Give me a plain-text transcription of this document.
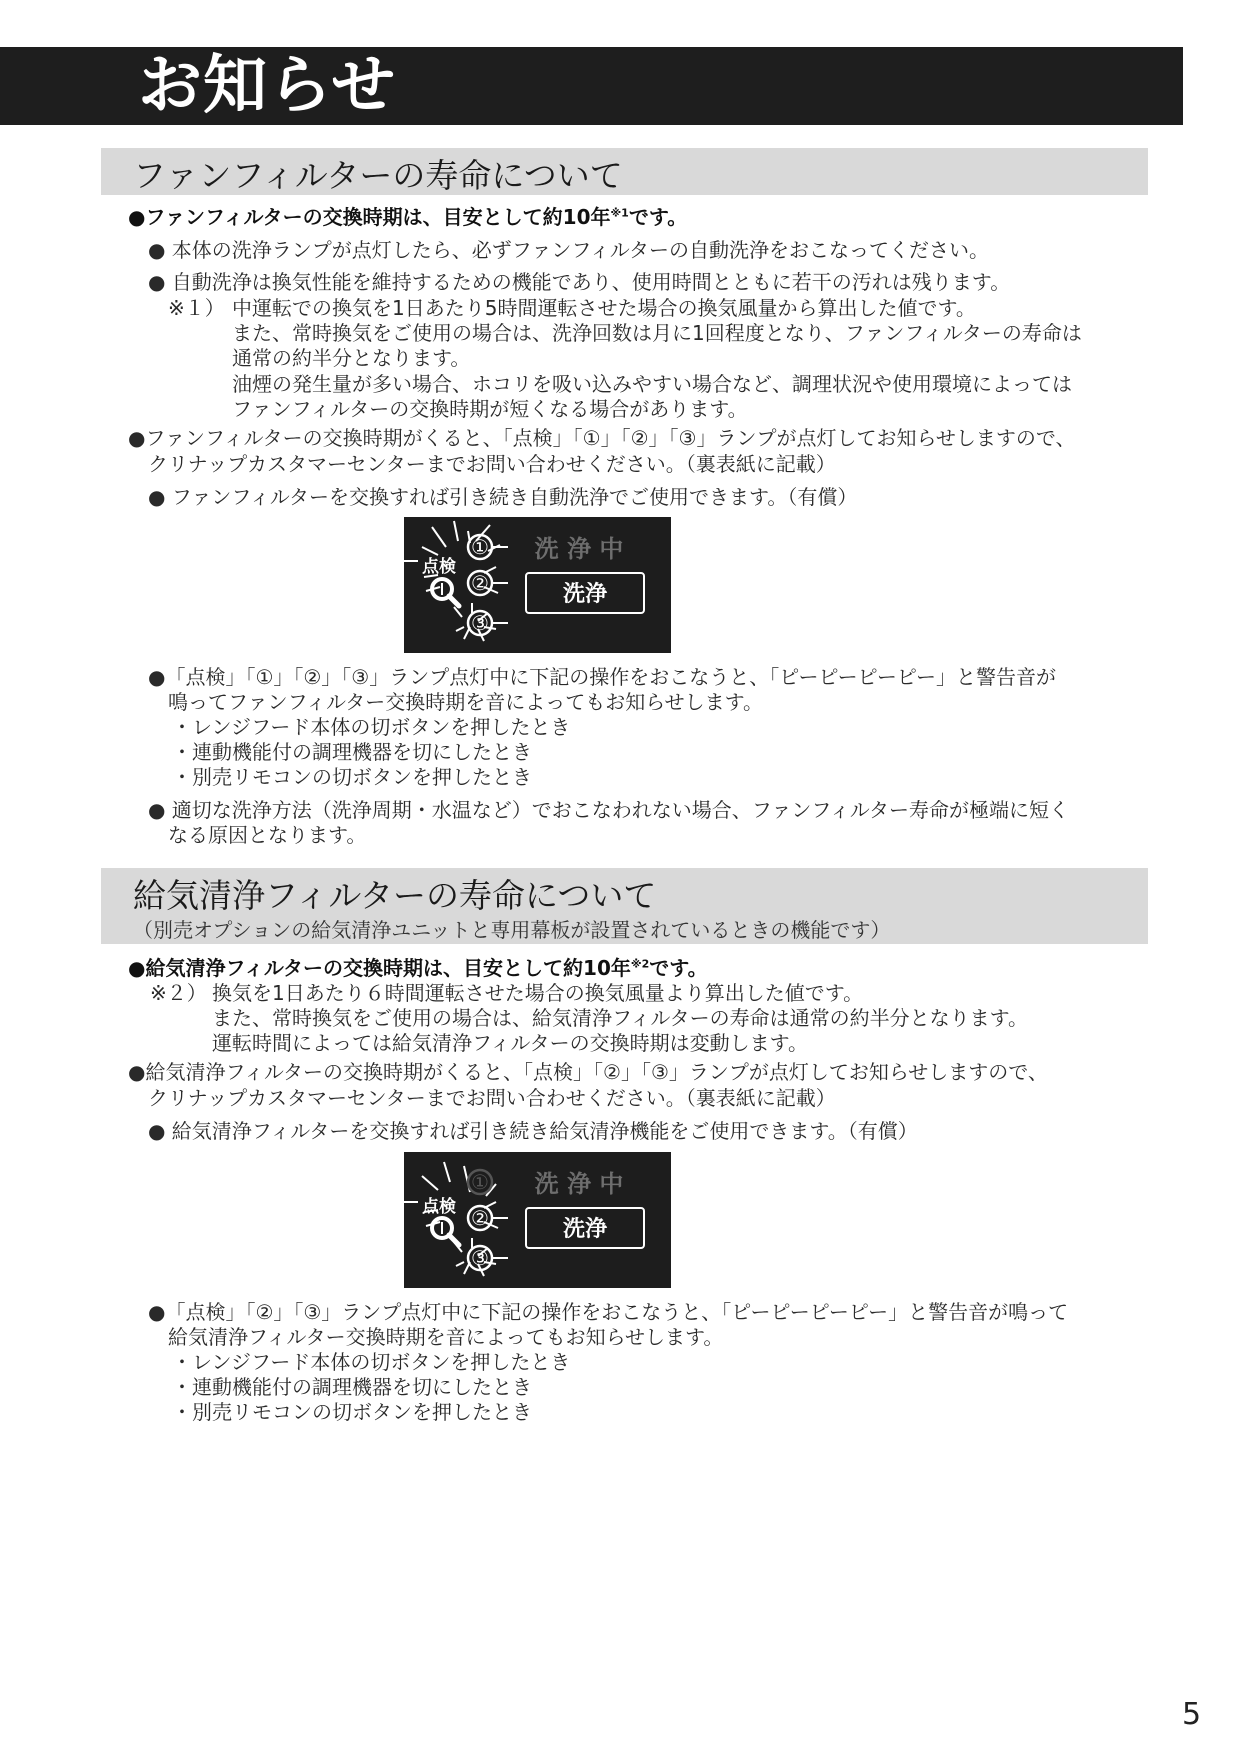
お知らせ
ファンフィルターの寿命について
●ファンフィルターの交換時期は、目安として約10年$^{※1}$です。
● 本体の洗浄ランプが点灯したら、必ずファンフィルターの自動洗浄をおこなってください。
● 自動洗浄は換気性能を維持するための機能であり、使用時間とともに若干の汚れは残ります。
※１） 中運転での換気を1日あたり5時間運転させた場合の換気風量から算出した値です。
また、常時換気をご使用の場合は、洗浄回数は月に1回程度となり、ファンフィルターの寿命は
通常の約半分となります。
油煙の発生量が多い場合、ホコリを吸い込みやすい場合など、調理状況や使用環境によっては
ファンフィルターの交換時期が短くなる場合があります。
●ファンフィルターの交換時期がくると、「点検」「①」「②」「③」ランプが点灯してお知らせしますので、
クリナップカスタマーセンターまでお問い合わせください。（裏表紙に記載）
● ファンフィルターを交換すれば引き続き自動洗浄でご使用できます。（有償）
①
②
③
点検
洗 浄 中
洗浄
●「点検」「①」「②」「③」ランプ点灯中に下記の操作をおこなうと、「ピーピーピーピー」と警告音が
鳴ってファンフィルター交換時期を音によってもお知らせします。
・レンジフード本体の切ボタンを押したとき
・連動機能付の調理機器を切にしたとき
・別売リモコンの切ボタンを押したとき
● 適切な洗浄方法（洗浄周期・水温など）でおこなわれない場合、ファンフィルター寿命が極端に短く
なる原因となります。
給気清浄フィルターの寿命について
（別売オプションの給気清浄ユニットと専用幕板が設置されているときの機能です）
●給気清浄フィルターの交換時期は、目安として約10年$^{※2}$です。
※２） 換気を1日あたり６時間運転させた場合の換気風量より算出した値です。
また、常時換気をご使用の場合は、給気清浄フィルターの寿命は通常の約半分となります。
運転時間によっては給気清浄フィルターの交換時期は変動します。
●給気清浄フィルターの交換時期がくると、「点検」「②」「③」ランプが点灯してお知らせしますので、
クリナップカスタマーセンターまでお問い合わせください。（裏表紙に記載）
● 給気清浄フィルターを交換すれば引き続き給気清浄機能をご使用できます。（有償）
①
②
③
点検
洗 浄 中
洗浄
●「点検」「②」「③」ランプ点灯中に下記の操作をおこなうと、「ピーピーピーピー」と警告音が鳴って
給気清浄フィルター交換時期を音によってもお知らせします。
・レンジフード本体の切ボタンを押したとき
・連動機能付の調理機器を切にしたとき
・別売リモコンの切ボタンを押したとき
5
